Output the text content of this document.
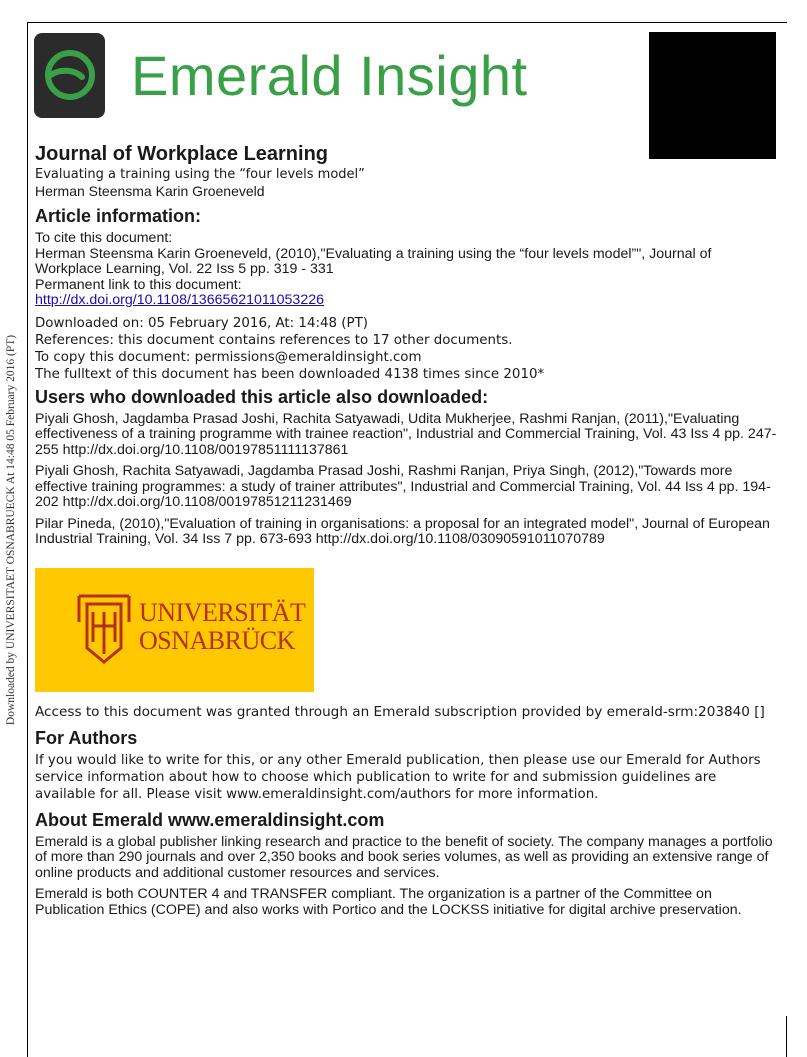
Downloaded by UNIVERSITAET OSNABRUECK At 14:48 05 February 2016 (PT)
Emerald Insight
Journal of Workplace Learning
Evaluating a training using the “four levels model”
Herman Steensma Karin Groeneveld
Article information:
To cite this document:
Herman Steensma Karin Groeneveld, (2010),"Evaluating a training using the “four levels model”", Journal of Workplace Learning, Vol. 22 Iss 5 pp. 319 - 331
Permanent link to this document:
http://dx.doi.org/10.1108/13665621011053226
Downloaded on: 05 February 2016, At: 14:48 (PT)
References: this document contains references to 17 other documents.
To copy this document: permissions@emeraldinsight.com
The fulltext of this document has been downloaded 4138 times since 2010*
Users who downloaded this article also downloaded:
Piyali Ghosh, Jagdamba Prasad Joshi, Rachita Satyawadi, Udita Mukherjee, Rashmi Ranjan, (2011),"Evaluating effectiveness of a training programme with trainee reaction", Industrial and Commercial Training, Vol. 43 Iss 4 pp. 247-255 http://dx.doi.org/10.1108/00197851111137861
Piyali Ghosh, Rachita Satyawadi, Jagdamba Prasad Joshi, Rashmi Ranjan, Priya Singh, (2012),"Towards more effective training programmes: a study of trainer attributes", Industrial and Commercial Training, Vol. 44 Iss 4 pp. 194-202 http://dx.doi.org/10.1108/00197851211231469
Pilar Pineda, (2010),"Evaluation of training in organisations: a proposal for an integrated model", Journal of European Industrial Training, Vol. 34 Iss 7 pp. 673-693 http://dx.doi.org/10.1108/03090591011070789
UNIVERSITÄT
OSNABRÜCK
Access to this document was granted through an Emerald subscription provided by emerald-srm:203840 []
For Authors
If you would like to write for this, or any other Emerald publication, then please use our Emerald for Authors service information about how to choose which publication to write for and submission guidelines are available for all. Please visit www.emeraldinsight.com/authors for more information.
About Emerald www.emeraldinsight.com
Emerald is a global publisher linking research and practice to the benefit of society. The company manages a portfolio of more than 290 journals and over 2,350 books and book series volumes, as well as providing an extensive range of online products and additional customer resources and services.
Emerald is both COUNTER 4 and TRANSFER compliant. The organization is a partner of the Committee on Publication Ethics (COPE) and also works with Portico and the LOCKSS initiative for digital archive preservation.
